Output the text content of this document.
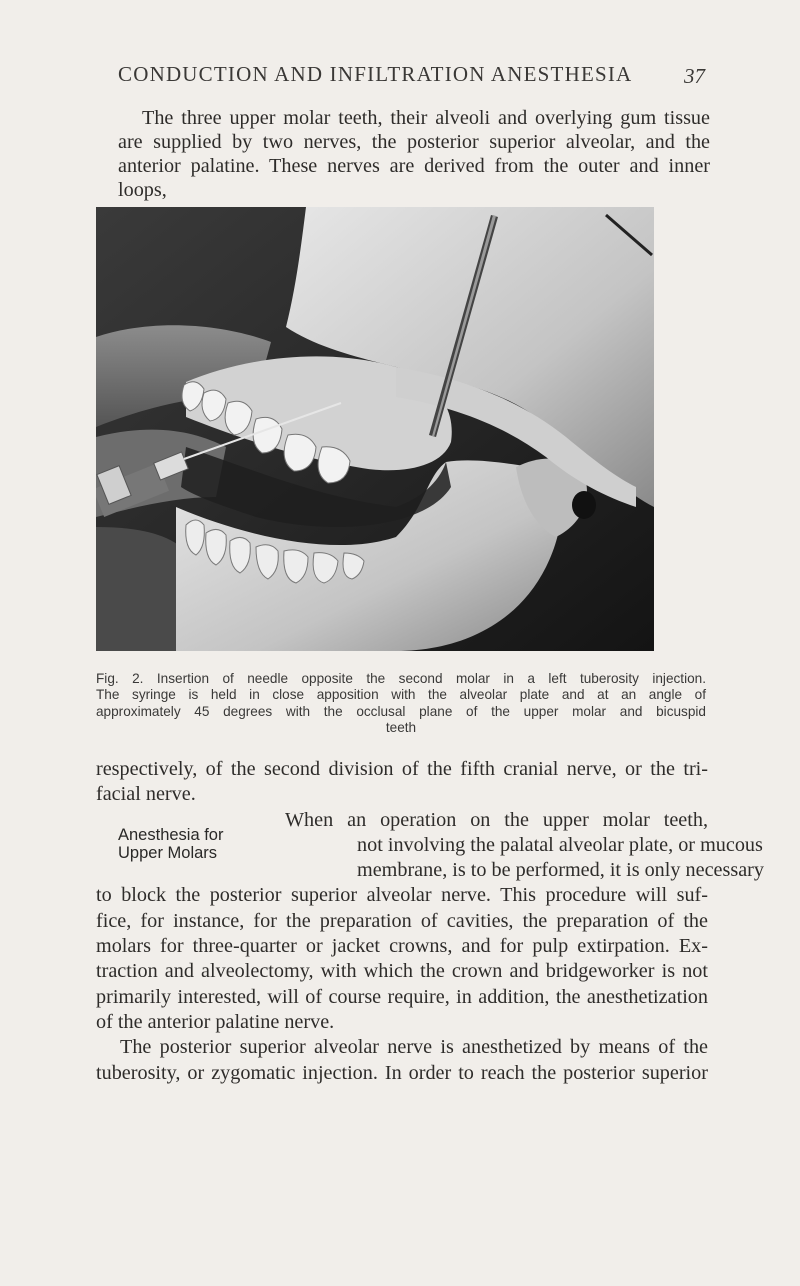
CONDUCTION AND INFILTRATION ANESTHESIA 37

The three upper molar teeth, their alveoli and overlying gum tissue are supplied by two nerves, the posterior superior alveolar, and the anterior palatine. These nerves are derived from the outer and inner loops,

Fig. 2. Insertion of needle opposite the second molar in a left tuberosity injection.
The syringe is held in close apposition with the alveolar plate and at an angle of
approximately 45 degrees with the occlusal plane of the upper molar and bicuspid
teeth

Anesthesia for
Upper Molars
respectively, of the second division of the fifth cranial nerve, or the tri-
facial nerve.
When an operation on the upper molar teeth,
not involving the palatal alveolar plate, or mucous
membrane, is to be performed, it is only necessary
to block the posterior superior alveolar nerve. This procedure will suf-
fice, for instance, for the preparation of cavities, the preparation of the
molars for three-quarter or jacket crowns, and for pulp extirpation. Ex-
traction and alveolectomy, with which the crown and bridgeworker is not
primarily interested, will of course require, in addition, the anesthetization
of the anterior palatine nerve.
The posterior superior alveolar nerve is anesthetized by means of the
tuberosity, or zygomatic injection. In order to reach the posterior superior
